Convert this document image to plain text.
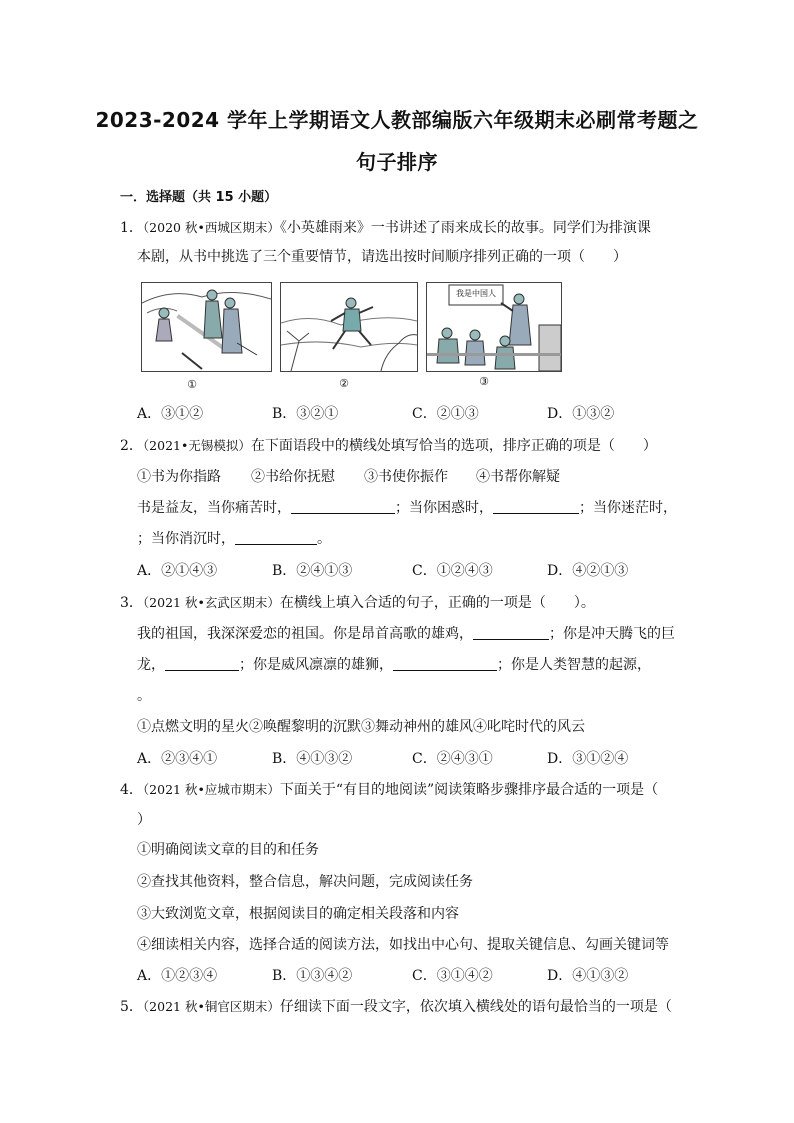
2023-2024 学年上学期语文人教部编版六年级期末必刷常考题之
句子排序
一．选择题（共 15 小题）
1．（2020 秋•西城区期末）《小英雄雨来》一书讲述了雨来成长的故事。同学们为排演课
本剧，从书中挑选了三个重要情节，请选出按时间顺序排列正确的一项（　　）
①	②
我是中国人
③
A．③①②	B．③②①	C．②①③	D．①③②
2．（2021•无锡模拟）在下面语段中的横线处填写恰当的选项，排序正确的项是（　　）
①书为你指路 ②书给你抚慰 ③书使你振作 ④书帮你解疑
书是益友，当你痛苦时，	；当你困惑时，	；当你迷茫时，
；当你消沉时，	。
A．②①④③	B．②④①③	C．①②④③	D．④②①③
3．（2021 秋•玄武区期末）在横线上填入合适的句子，正确的一项是（　　）。
我的祖国，我深深爱恋的祖国。你是昂首高歌的雄鸡，	；你是冲天腾飞的巨
龙，	；你是威风凛凛的雄狮，	；你是人类智慧的起源，
。
①点燃文明的星火②唤醒黎明的沉默③舞动神州的雄风④叱咤时代的风云
A．②③④①	B．④①③②	C．②④③①	D．③①②④
4．（2021 秋•应城市期末）下面关于“有目的地阅读”阅读策略步骤排序最合适的一项是（
）
①明确阅读文章的目的和任务
②查找其他资料，整合信息，解决问题，完成阅读任务
③大致浏览文章，根据阅读目的确定相关段落和内容
④细读相关内容，选择合适的阅读方法，如找出中心句、提取关键信息、勾画关键词等
A．①②③④	B．①③④②	C．③①④②	D．④①③②
5．（2021 秋•铜官区期末）仔细读下面一段文字，依次填入横线处的语句最恰当的一项是（
